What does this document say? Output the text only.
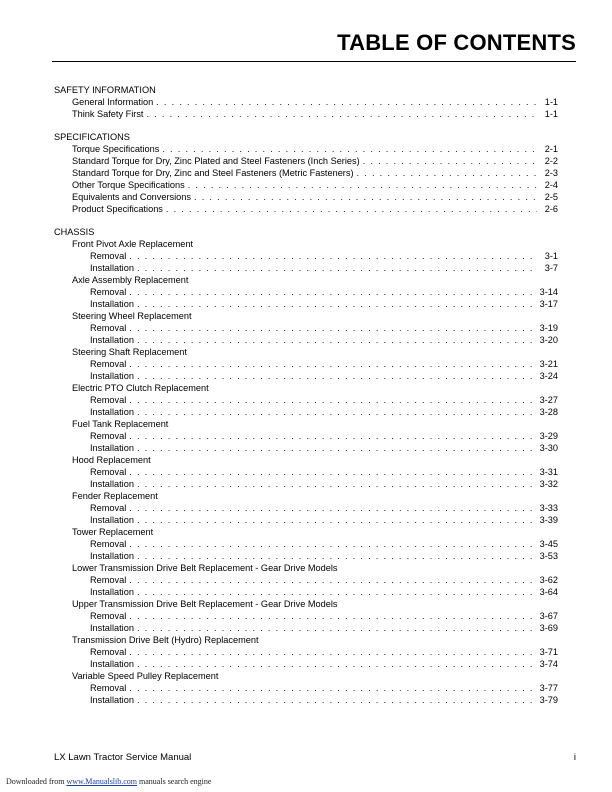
TABLE OF CONTENTS
SAFETY INFORMATION
General Information . . .	1-1
Think Safety First . . .	1-1
SPECIFICATIONS
Torque Specifications . . .	2-1
Standard Torque for Dry, Zinc Plated and Steel Fasteners (Inch Series) . . .	2-2
Standard Torque for Dry, Zinc and Steel Fasteners (Metric Fasteners) . . .	2-3
Other Torque Specifications . . .	2-4
Equivalents and Conversions . . .	2-5
Product Specifications . . .	2-6
CHASSIS
Front Pivot Axle Replacement
Removal . . .	3-1
Installation . . .	3-7
Axle Assembly Replacement
Removal . . .	3-14
Installation . . .	3-17
Steering Wheel Replacement
Removal . . .	3-19
Installation . . .	3-20
Steering Shaft Replacement
Removal . . .	3-21
Installation . . .	3-24
Electric PTO Clutch Replacement
Removal . . .	3-27
Installation . . .	3-28
Fuel Tank Replacement
Removal . . .	3-29
Installation . . .	3-30
Hood Replacement
Removal . . .	3-31
Installation . . .	3-32
Fender Replacement
Removal . . .	3-33
Installation . . .	3-39
Tower Replacement
Removal . . .	3-45
Installation . . .	3-53
Lower Transmission Drive Belt Replacement - Gear Drive Models
Removal . . .	3-62
Installation . . .	3-64
Upper Transmission Drive Belt Replacement - Gear Drive Models
Removal . . .	3-67
Installation . . .	3-69
Transmission Drive Belt (Hydro) Replacement
Removal . . .	3-71
Installation . . .	3-74
Variable Speed Pulley Replacement
Removal . . .	3-77
Installation . . .	3-79
LX Lawn Tractor Service Manual	i
Downloaded from www.Manualslib.com manuals search engine
